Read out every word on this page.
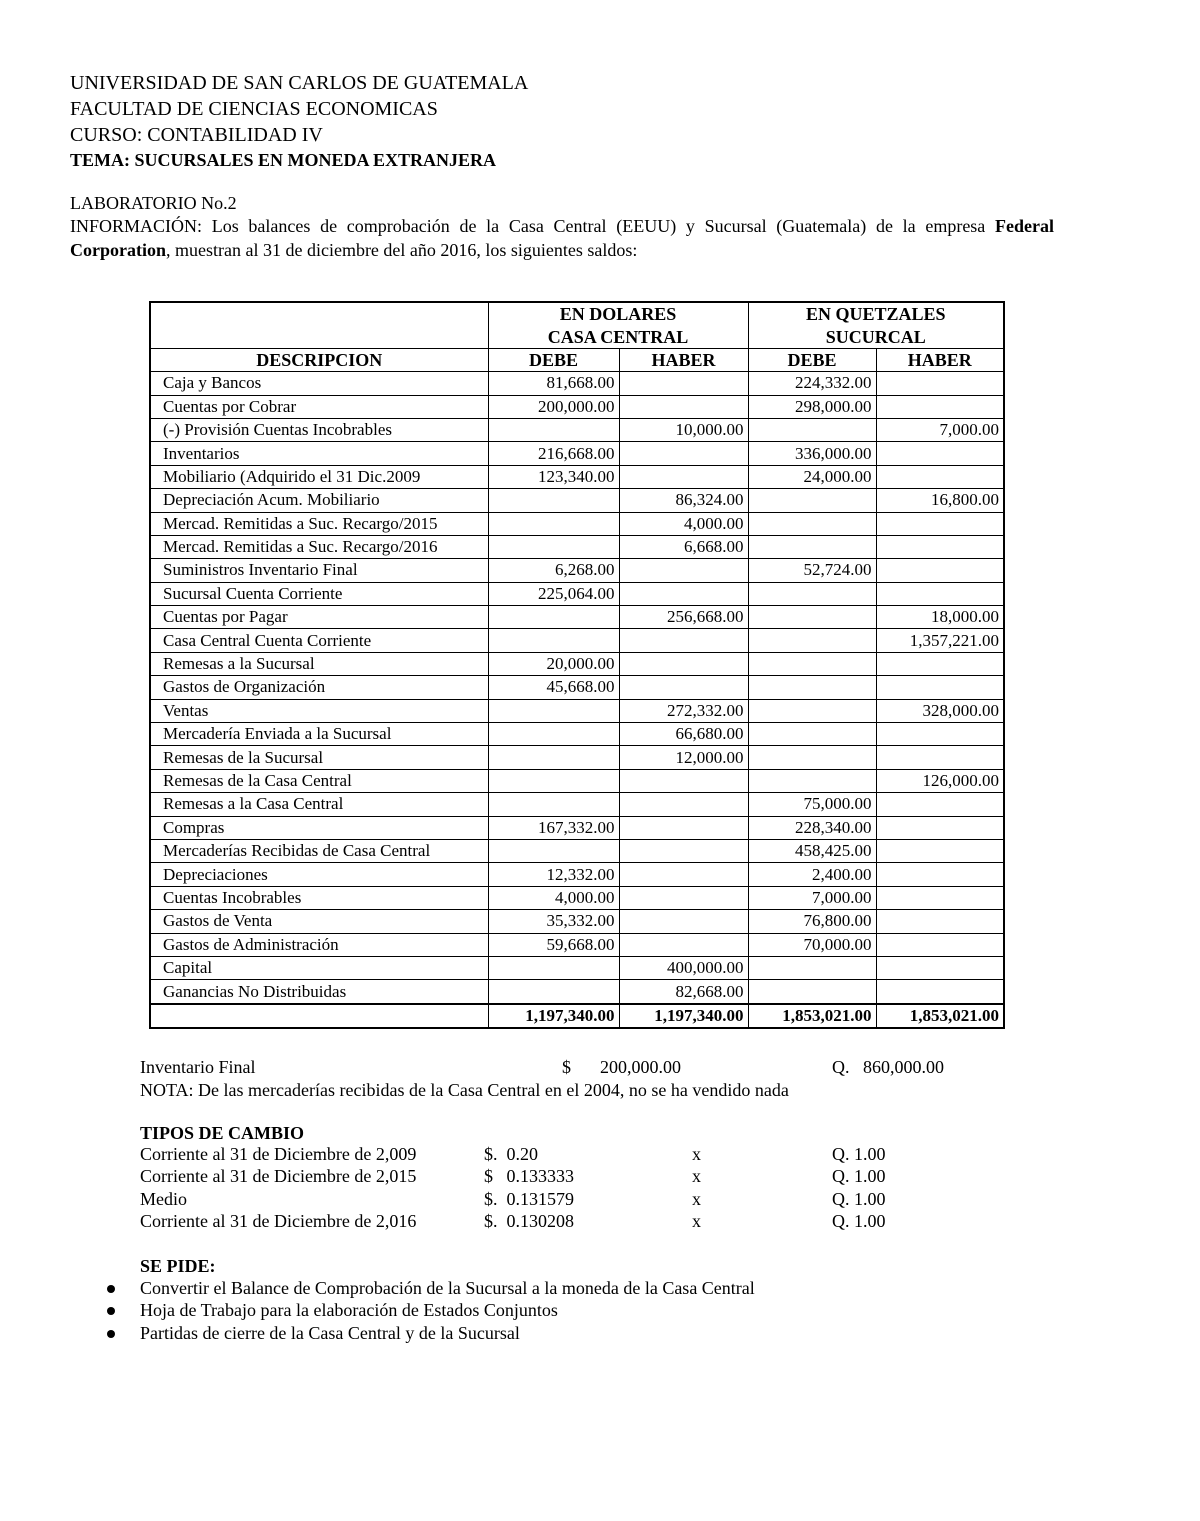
UNIVERSIDAD DE SAN CARLOS DE GUATEMALA
FACULTAD DE CIENCIAS ECONOMICAS
CURSO: CONTABILIDAD IV
TEMA: SUCURSALES EN MONEDA EXTRANJERA
LABORATORIO No.2
INFORMACIÓN: Los balances de comprobación de la Casa Central (EEUU) y Sucursal (Guatemala) de la empresa Federal Corporation, muestran al 31 de diciembre del año 2016, los siguientes saldos:
	EN DOLARES		EN QUETZALES	
	CASA CENTRAL		SUCURCAL	
DESCRIPCION	DEBE	HABER	DEBE	HABER
Caja y Bancos	81,668.00		224,332.00	
Cuentas por Cobrar	200,000.00		298,000.00	
(-) Provisión Cuentas Incobrables		10,000.00		7,000.00
Inventarios	216,668.00		336,000.00	
Mobiliario (Adquirido el 31 Dic.2009	123,340.00		24,000.00	
Depreciación Acum. Mobiliario		86,324.00		16,800.00
Mercad. Remitidas a Suc. Recargo/2015		4,000.00		
Mercad. Remitidas a Suc. Recargo/2016		6,668.00		
Suministros Inventario Final	6,268.00		52,724.00	
Sucursal Cuenta Corriente	225,064.00			
Cuentas por Pagar		256,668.00		18,000.00
Casa Central Cuenta Corriente				1,357,221.00
Remesas a la Sucursal	20,000.00			
Gastos de Organización	45,668.00			
Ventas		272,332.00		328,000.00
Mercadería Enviada a la Sucursal		66,680.00		
Remesas de la Sucursal		12,000.00		
Remesas de la Casa Central				126,000.00
Remesas a la Casa Central			75,000.00	
Compras	167,332.00		228,340.00	
Mercaderías Recibidas de Casa Central			458,425.00	
Depreciaciones	12,332.00		2,400.00	
Cuentas Incobrables	4,000.00		7,000.00	
Gastos de Venta	35,332.00		76,800.00	
Gastos de Administración	59,668.00		70,000.00	
Capital		400,000.00		
Ganancias No Distribuidas		82,668.00		
	1,197,340.00	1,197,340.00	1,853,021.00	1,853,021.00
Inventario Final	$ 200,000.00	Q.   860,000.00
NOTA: De las mercaderías recibidas de la Casa Central en el 2004, no se ha vendido nada
TIPOS DE CAMBIO
Corriente al 31 de Diciembre de 2,009	$.  0.20	x	Q. 1.00
Corriente al 31 de Diciembre de 2,015	$   0.133333	x	Q. 1.00
Medio	$.  0.131579	x	Q. 1.00
Corriente al 31 de Diciembre de 2,016	$.  0.130208	x	Q. 1.00
SE PIDE:
Convertir el Balance de Comprobación de la Sucursal a la moneda de la Casa Central
Hoja de Trabajo para la elaboración de Estados Conjuntos
Partidas de cierre de la Casa Central y de la Sucursal
